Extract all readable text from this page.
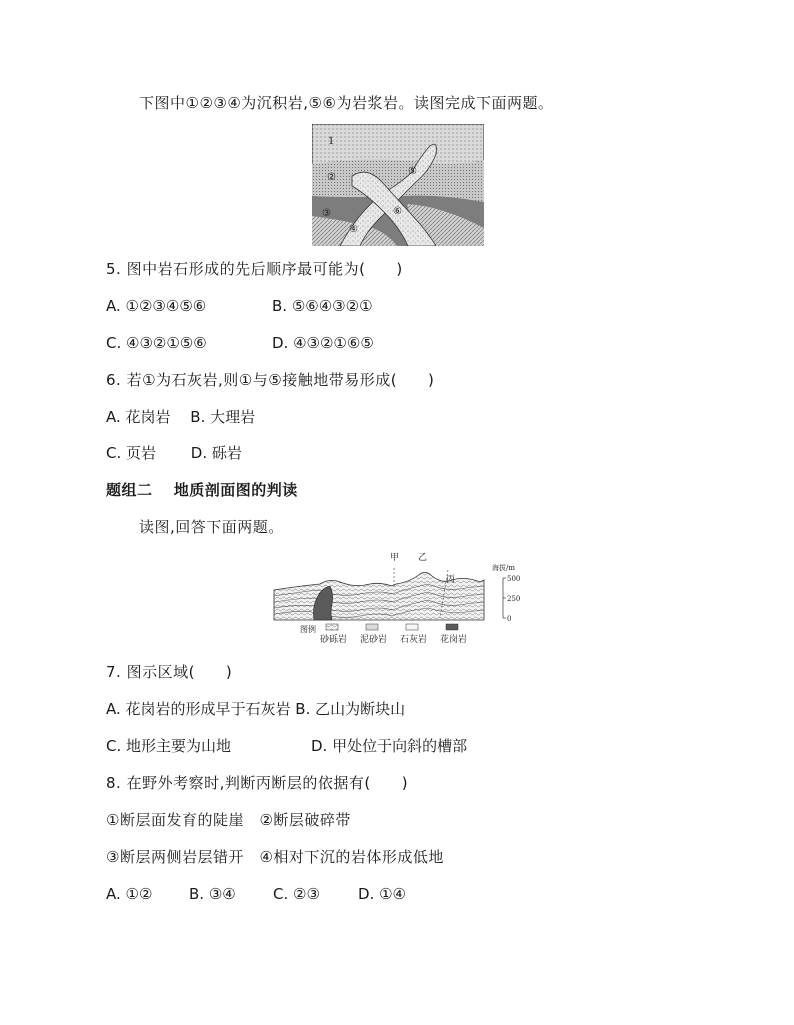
下图中①②③④为沉积岩,⑤⑥为岩浆岩。读图完成下面两题。
1
②
③
④
⑤
⑥
5. 图中岩石形成的先后顺序最可能为(　　)
A. ①②③④⑤⑥	B. ⑤⑥④③②①
C. ④③②①⑤⑥	D. ④③②①⑥⑤
6. 若①为石灰岩,则①与⑤接触地带易形成(　　)
A. 花岗岩　 B. 大理岩
C. 页岩　　 D. 砾岩
题组二　 地质剖面图的判读
读图,回答下面两题。
甲 乙
丙
海拔/m
500
250
0
图例
砂砾岩 泥砂岩 石灰岩 花岗岩
7. 图示区域(　　)
A. 花岗岩的形成早于石灰岩 B. 乙山为断块山
C. 地形主要为山地	D. 甲处位于向斜的槽部
8. 在野外考察时,判断丙断层的依据有(　　)
①断层面发育的陡崖　②断层破碎带
③断层两侧岩层错开　④相对下沉的岩体形成低地
A. ①② B. ③④ C. ②③	D. ①④
